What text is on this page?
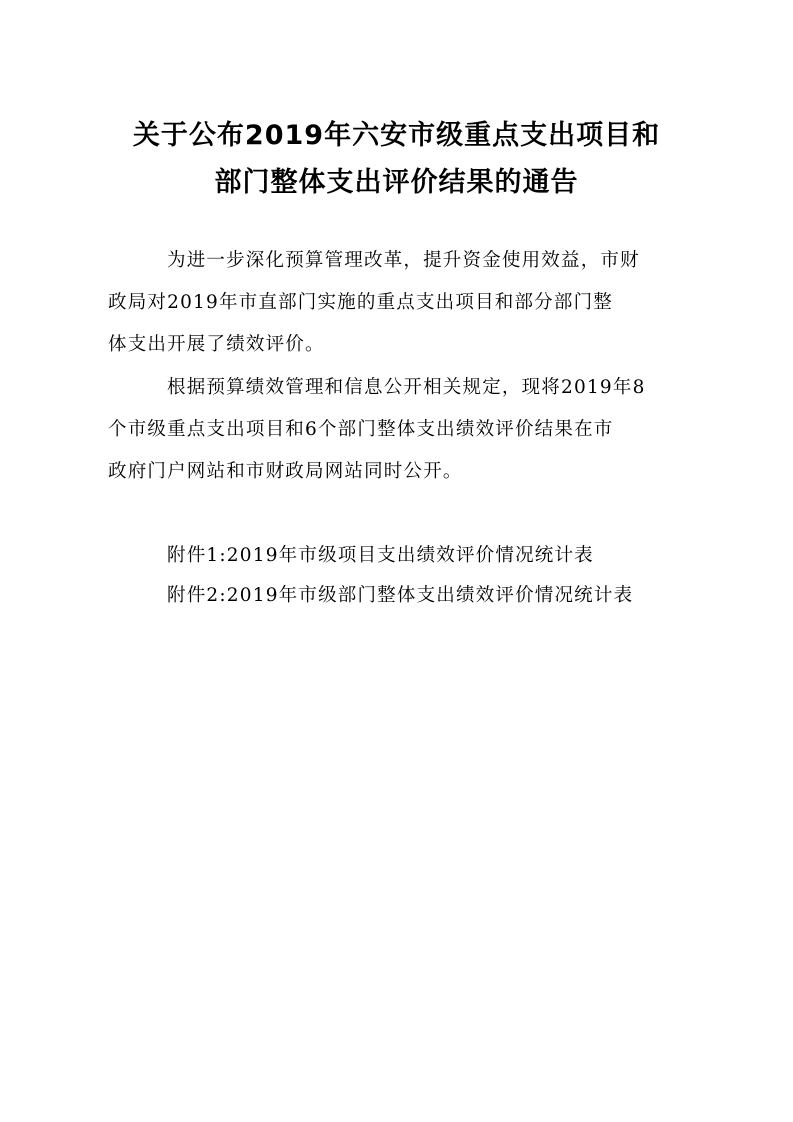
关于公布2019年六安市级重点支出项目和
部门整体支出评价结果的通告
为进一步深化预算管理改革，提升资金使用效益，市财
政局对2019年市直部门实施的重点支出项目和部分部门整
体支出开展了绩效评价。
根据预算绩效管理和信息公开相关规定，现将2019年8
个市级重点支出项目和6个部门整体支出绩效评价结果在市
政府门户网站和市财政局网站同时公开。
附件1:2019年市级项目支出绩效评价情况统计表
附件2:2019年市级部门整体支出绩效评价情况统计表
